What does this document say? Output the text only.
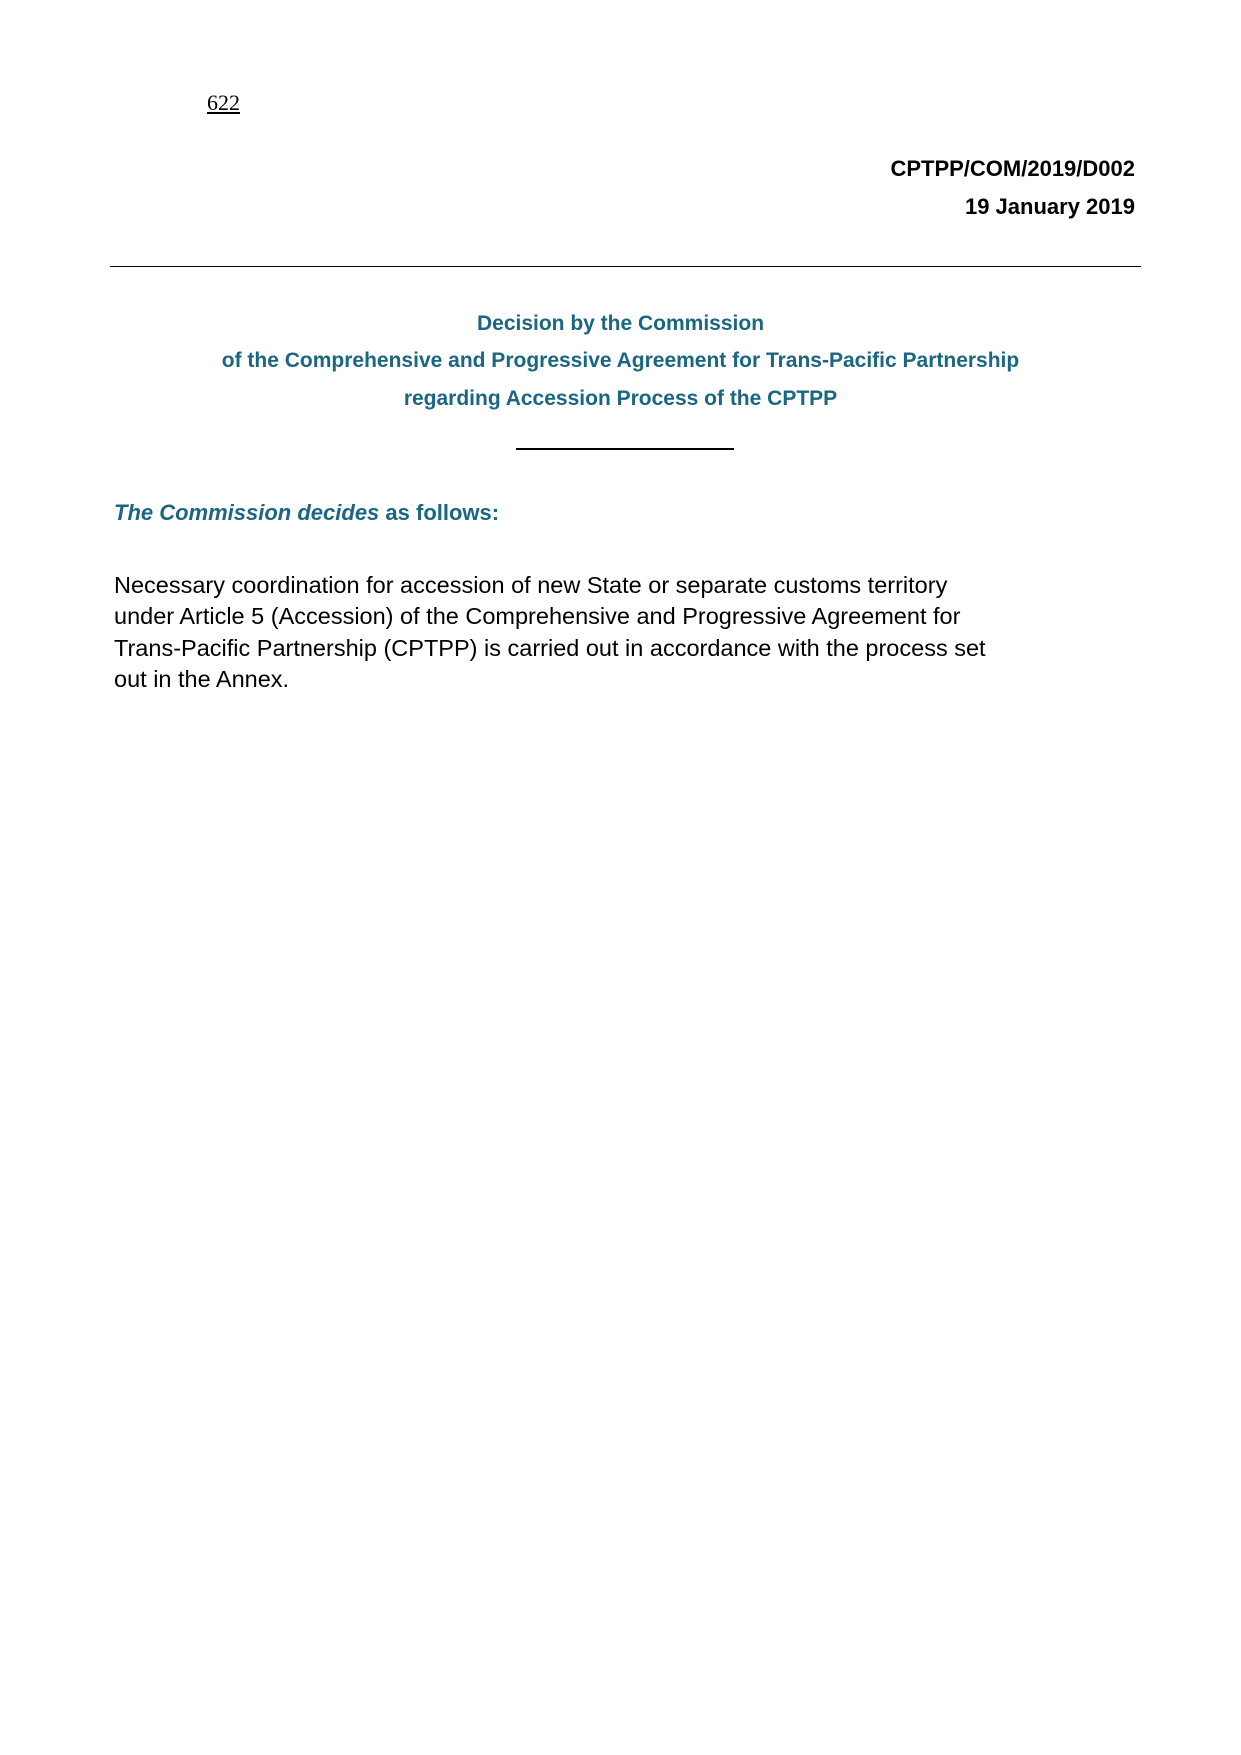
622
CPTPP/COM/2019/D002
19 January 2019
Decision by the Commission
of the Comprehensive and Progressive Agreement for Trans-Pacific Partnership
regarding Accession Process of the CPTPP
The Commission decides as follows:
Necessary coordination for accession of new State or separate customs territory
under Article 5 (Accession) of the Comprehensive and Progressive Agreement for
Trans-Pacific Partnership (CPTPP) is carried out in accordance with the process set
out in the Annex.
